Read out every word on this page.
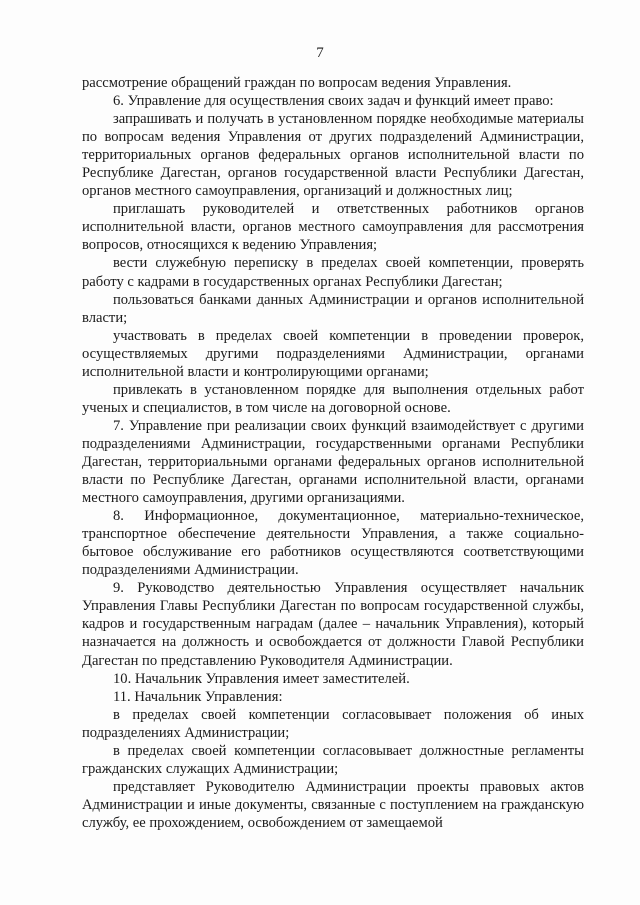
7

рассмотрение обращений граждан по вопросам ведения Управления.

6. Управление для осуществления своих задач и функций имеет право:

запрашивать и получать в установленном порядке необходимые материалы по вопросам ведения Управления от других подразделений Администрации, территориальных органов федеральных органов исполнительной власти по Республике Дагестан, органов государственной власти Республики Дагестан, органов местного самоуправления, организаций и должностных лиц;

приглашать руководителей и ответственных работников органов исполнительной власти, органов местного самоуправления для рассмотрения вопросов, относящихся к ведению Управления;

вести служебную переписку в пределах своей компетенции, проверять работу с кадрами в государственных органах Республики Дагестан;

пользоваться банками данных Администрации и органов исполнительной власти;

участвовать в пределах своей компетенции в проведении проверок, осуществляемых другими подразделениями Администрации, органами исполнительной власти и контролирующими органами;

привлекать в установленном порядке для выполнения отдельных работ ученых и специалистов, в том числе на договорной основе.

7. Управление при реализации своих функций взаимодействует с другими подразделениями Администрации, государственными органами Республики Дагестан, территориальными органами федеральных органов исполнительной власти по Республике Дагестан, органами исполнительной власти, органами местного самоуправления, другими организациями.

8. Информационное, документационное, материально-техническое, транспортное обеспечение деятельности Управления, а также социально-бытовое обслуживание его работников осуществляются соответствующими подразделениями Администрации.

9. Руководство деятельностью Управления осуществляет начальник Управления Главы Республики Дагестан по вопросам государственной службы, кадров и государственным наградам (далее – начальник Управления), который назначается на должность и освобождается от должности Главой Республики Дагестан по представлению Руководителя Администрации.

10. Начальник Управления имеет заместителей.

11. Начальник Управления:

в пределах своей компетенции согласовывает положения об иных подразделениях Администрации;

в пределах своей компетенции согласовывает должностные регламенты гражданских служащих Администрации;

представляет Руководителю Администрации проекты правовых актов Администрации и иные документы, связанные с поступлением на гражданскую службу, ее прохождением, освобождением от замещаемой
